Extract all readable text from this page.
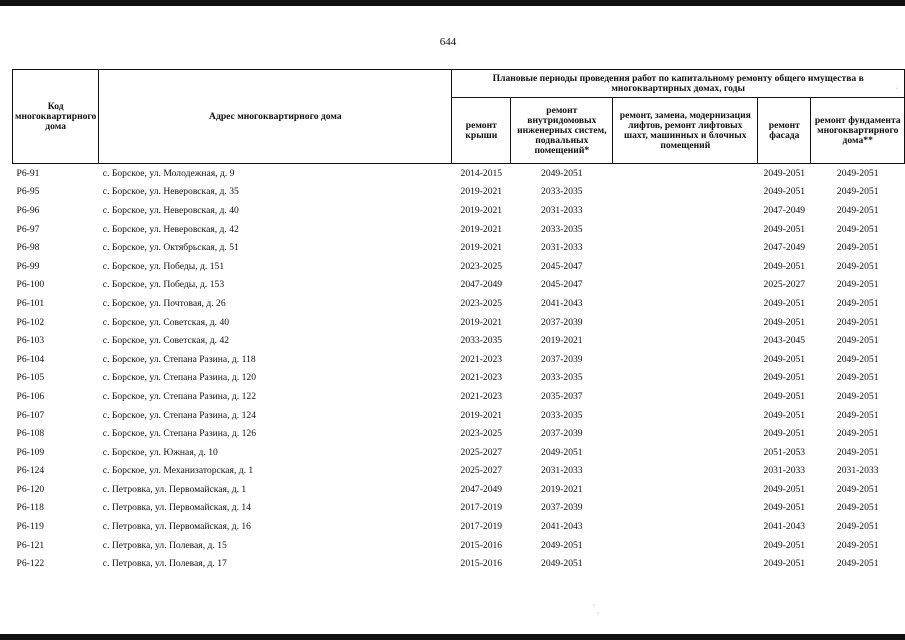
644
Код многоквартирного дома	Адрес многоквартирного дома	Плановые периоды проведения работ по капитальному ремонту общего имущества в многоквартирных домах, годы				
		ремонт крыши	ремонт внутридомовых инженерных систем, подвальных помещений*	ремонт, замена, модернизация лифтов, ремонт лифтовых шахт, машинных и блочных помещений	ремонт фасада	ремонт фундамента многоквартирного дома**
Р6-91	с. Борское, ул. Молодежная, д. 9	2014-2015	2049-2051		2049-2051	2049-2051
Р6-95	с. Борское, ул. Неверовская, д. 35	2019-2021	2033-2035		2049-2051	2049-2051
Р6-96	с. Борское, ул. Неверовская, д. 40	2019-2021	2031-2033		2047-2049	2049-2051
Р6-97	с. Борское, ул. Неверовская, д. 42	2019-2021	2033-2035		2049-2051	2049-2051
Р6-98	с. Борское, ул. Октябрьская, д. 51	2019-2021	2031-2033		2047-2049	2049-2051
Р6-99	с. Борское, ул. Победы, д. 151	2023-2025	2045-2047		2049-2051	2049-2051
Р6-100	с. Борское, ул. Победы, д. 153	2047-2049	2045-2047		2025-2027	2049-2051
Р6-101	с. Борское, ул. Почтовая, д. 26	2023-2025	2041-2043		2049-2051	2049-2051
Р6-102	с. Борское, ул. Советская, д. 40	2019-2021	2037-2039		2049-2051	2049-2051
Р6-103	с. Борское, ул. Советская, д. 42	2033-2035	2019-2021		2043-2045	2049-2051
Р6-104	с. Борское, ул. Степана Разина, д. 118	2021-2023	2037-2039		2049-2051	2049-2051
Р6-105	с. Борское, ул. Степана Разина, д. 120	2021-2023	2033-2035		2049-2051	2049-2051
Р6-106	с. Борское, ул. Степана Разина, д. 122	2021-2023	2035-2037		2049-2051	2049-2051
Р6-107	с. Борское, ул. Степана Разина, д. 124	2019-2021	2033-2035		2049-2051	2049-2051
Р6-108	с. Борское, ул. Степана Разина, д. 126	2023-2025	2037-2039		2049-2051	2049-2051
Р6-109	с. Борское, ул. Южная, д. 10	2025-2027	2049-2051		2051-2053	2049-2051
Р6-124	с. Борское, ул. Механизаторская, д. 1	2025-2027	2031-2033		2031-2033	2031-2033
Р6-120	с. Петровка, ул. Первомайская, д. 1	2047-2049	2019-2021		2049-2051	2049-2051
Р6-118	с. Петровка, ул. Первомайская, д. 14	2017-2019	2037-2039		2049-2051	2049-2051
Р6-119	с. Петровка, ул. Первомайская, д. 16	2017-2019	2041-2043		2041-2043	2049-2051
Р6-121	с. Петровка, ул. Полевая, д. 15	2015-2016	2049-2051		2049-2051	2049-2051
Р6-122	с. Петровка, ул. Полевая, д. 17	2015-2016	2049-2051		2049-2051	2049-2051
·
·
·
